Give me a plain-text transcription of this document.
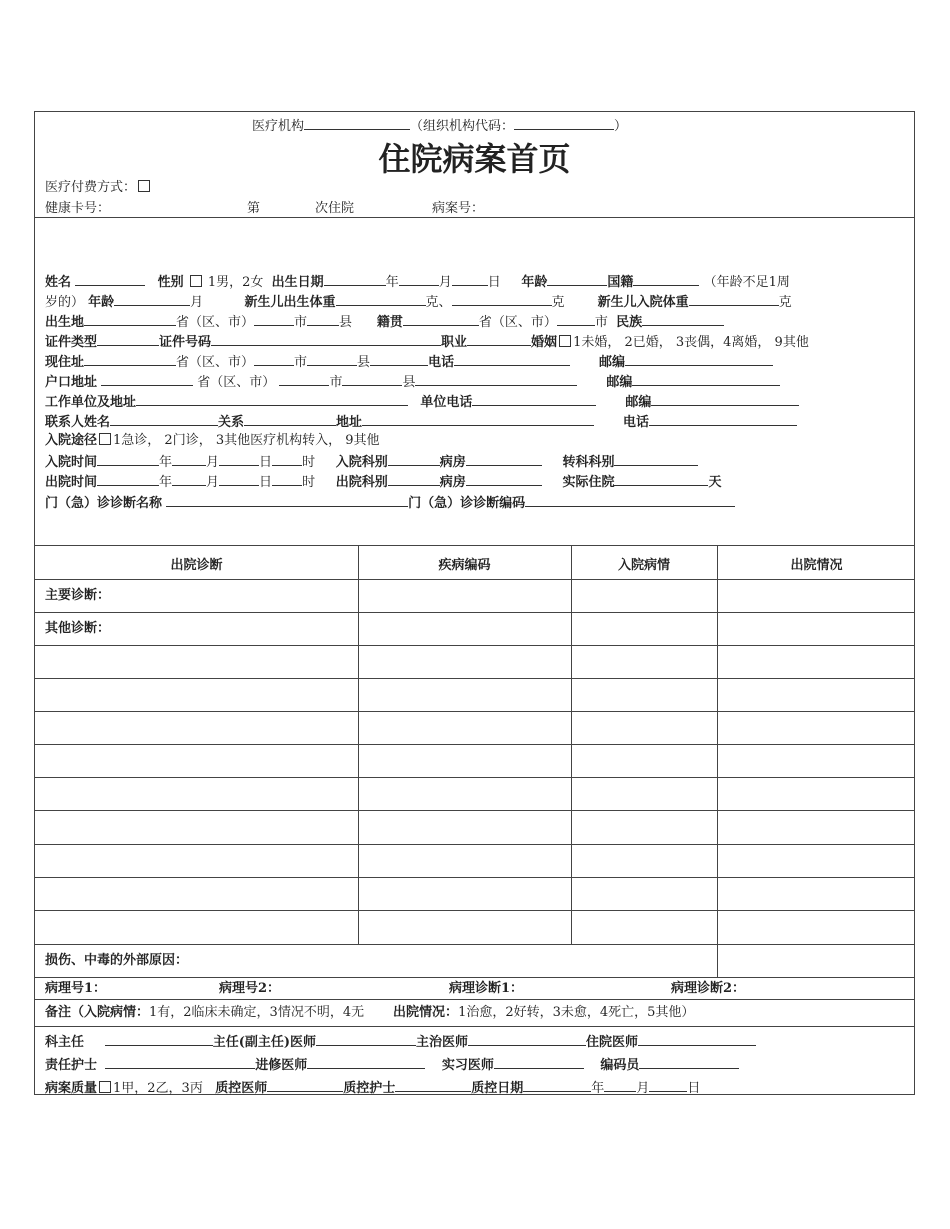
医疗机构	（组织机构代码：	）
住院病案首页
医疗付费方式：
健康卡号：	第	次住院	病案号：
姓名	性别 1男，2女 出生日期	年	月	日 年龄	国籍	（年龄不足1周
岁的） 年龄	月	新生儿出生体重	克、	克	新生儿入院体重	克
出生地	省（区、市）	市 县 籍贯	省（区、市）	市 民族
证件类型	证件号码	职业	婚姻 1未婚， 2已婚， 3丧偶，4离婚， 9其他
现住址	省（区、市）	市	县	电话	邮编
户口地址	省（区、市）	市	县	邮编
工作单位及地址	单位电话	邮编
联系人姓名	关系	地址	电话
入院途径 1急诊， 2门诊， 3其他医疗机构转入， 9其他
入院时间	年	月	日 时 入院科别	病房	转科科别
出院时间	年	月	日 时 出院科别	病房	实际住院	天
门（急）诊诊断名称	门（急）诊诊断编码
出院诊断	疾病编码	入院病情	出院情况
主要诊断：
其他诊断：
损伤、中毒的外部原因：
病理号1：	病理号2：	病理诊断1：	病理诊断2：
备注（入院病情：1有，2临床未确定，3情况不明，4无 出院情况：1治愈，2好转，3未愈，4死亡，5其他）
科主任	主任(副主任)医师	主治医师	住院医师
责任护士	进修医师	实习医师	编码员
病案质量 1甲，2乙，3丙 质控医师	质控护士	质控日期	年 月	日
